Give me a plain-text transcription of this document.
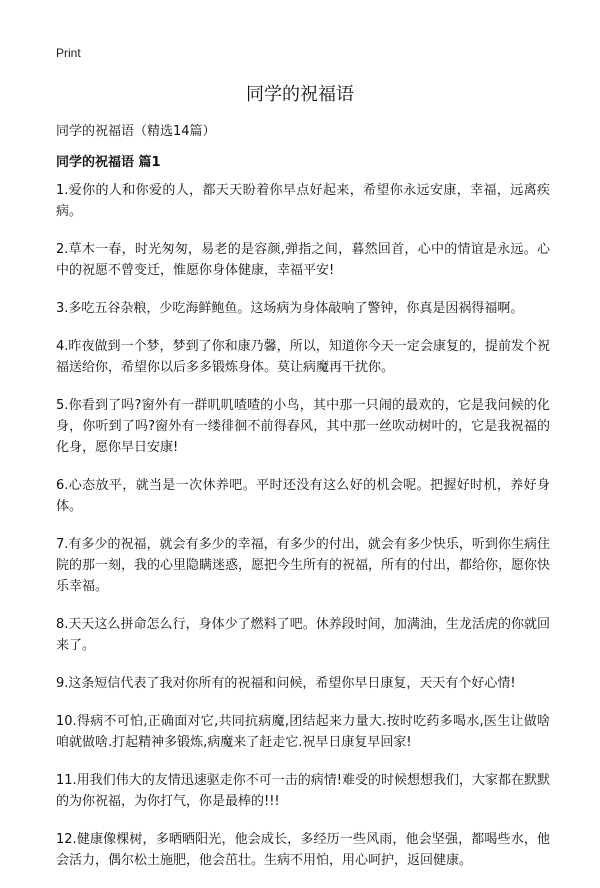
Print
同学的祝福语

同学的祝福语（精选14篇）

同学的祝福语 篇1

1.爱你的人和你爱的人，都天天盼着你早点好起来，希望你永远安康，幸福，远离疾病。

2.草木一春，时光匆匆，易老的是容颜,弹指之间，暮然回首，心中的情谊是永远。心中的祝愿不曾变迁，惟愿你身体健康，幸福平安!

3.多吃五谷杂粮，少吃海鲜鲍鱼。这场病为身体敲响了警钟，你真是因祸得福啊。

4.昨夜做到一个梦，梦到了你和康乃馨，所以，知道你今天一定会康复的，提前发个祝福送给你，希望你以后多多锻炼身体。莫让病魔再干扰你。

5.你看到了吗?窗外有一群叽叽喳喳的小鸟，其中那一只闹的最欢的，它是我问候的化身，你听到了吗?窗外有一缕徘徊不前得春风，其中那一丝吹动树叶的，它是我祝福的化身，愿你早日安康!

6.心态放平，就当是一次休养吧。平时还没有这么好的机会呢。把握好时机，养好身体。

7.有多少的祝福，就会有多少的幸福，有多少的付出，就会有多少快乐，听到你生病住院的那一刻，我的心里隐瞒迷惑，愿把今生所有的祝福，所有的付出，都给你，愿你快乐幸福。

8.天天这么拼命怎么行，身体少了燃料了吧。休养段时间，加满油，生龙活虎的你就回来了。

9.这条短信代表了我对你所有的祝福和问候，希望你早日康复，天天有个好心情!

10.得病不可怕,正确面对它,共同抗病魔,团结起来力量大.按时吃药多喝水,医生让做啥咱就做啥.打起精神多锻炼,病魔来了赶走它.祝早日康复早回家!

11.用我们伟大的友情迅速驱走你不可一击的病情!难受的时候想想我们，大家都在默默的为你祝福，为你打气，你是最棒的!!!

12.健康像棵树，多晒晒阳光，他会成长，多经历一些风雨，他会坚强，都喝些水，他会活力，偶尔松土施肥，他会茁壮。生病不用怕，用心呵护，返回健康。
